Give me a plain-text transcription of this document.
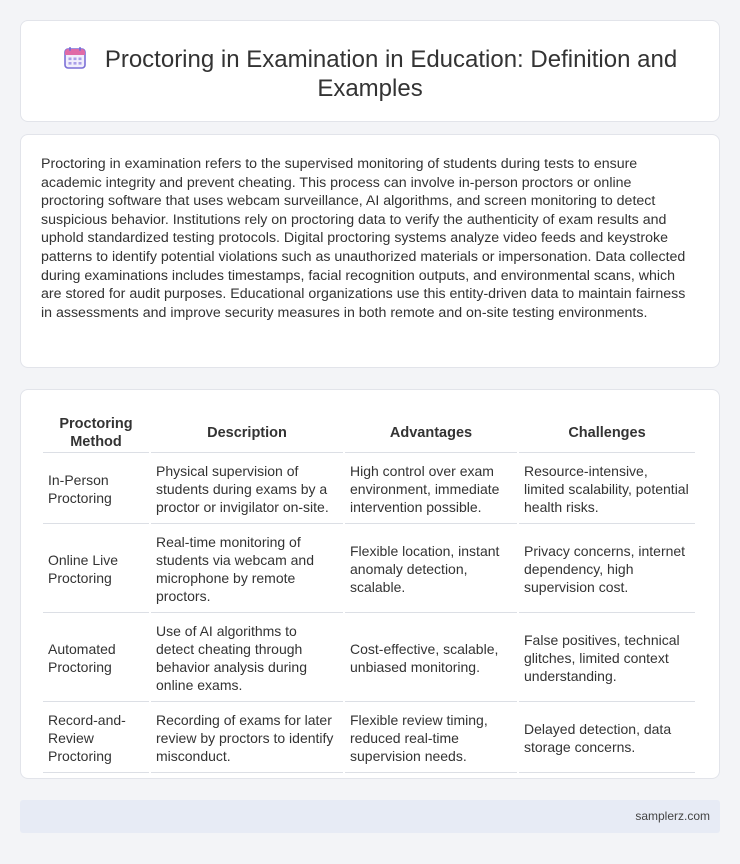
Proctoring in Examination in Education: Definition and Examples

Proctoring in examination refers to the supervised monitoring of students during tests to ensure academic integrity and prevent cheating. This process can involve in-person proctors or online proctoring software that uses webcam surveillance, AI algorithms, and screen monitoring to detect suspicious behavior. Institutions rely on proctoring data to verify the authenticity of exam results and uphold standardized testing protocols. Digital proctoring systems analyze video feeds and keystroke patterns to identify potential violations such as unauthorized materials or impersonation. Data collected during examinations includes timestamps, facial recognition outputs, and environmental scans, which are stored for audit purposes. Educational organizations use this entity-driven data to maintain fairness in assessments and improve security measures in both remote and on-site testing environments.

Proctoring Method	Description	Advantages	Challenges
In-Person Proctoring	Physical supervision of students during exams by a proctor or invigilator on-site.	High control over exam environment, immediate intervention possible.	Resource-intensive, limited scalability, potential health risks.
Online Live Proctoring	Real-time monitoring of students via webcam and microphone by remote proctors.	Flexible location, instant anomaly detection, scalable.	Privacy concerns, internet dependency, high supervision cost.
Automated Proctoring	Use of AI algorithms to detect cheating through behavior analysis during online exams.	Cost-effective, scalable, unbiased monitoring.	False positives, technical glitches, limited context understanding.
Record-and-Review Proctoring	Recording of exams for later review by proctors to identify misconduct.	Flexible review timing, reduced real-time supervision needs.	Delayed detection, data storage concerns.
samplerz.com
